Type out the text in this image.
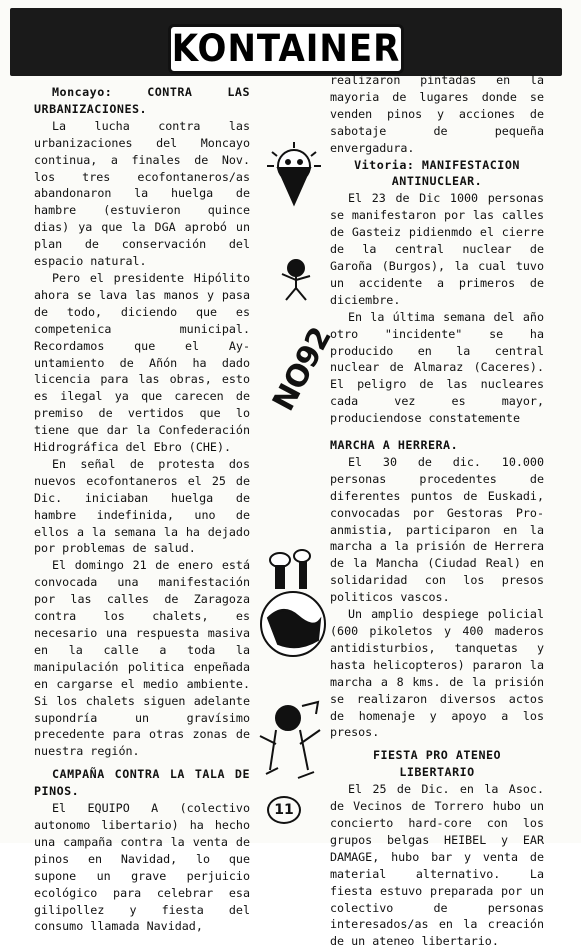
KONTAINER

Moncayo: CONTRA LAS URBANIZACIONES.

La lucha contra las urbanizaciones del Moncayo continua, a finales de Nov. los tres ecofontaneros/as abandonaron la huelga de hambre (estuvieron quince dias) ya que la DGA aprobó un plan de conservación del espacio natural.

Pero el presidente Hipólito ahora se lava las manos y pasa de todo, diciendo que es competenica municipal. Recordamos que el Ay-untamiento de Añón ha dado licencia para las obras, esto es ilegal ya que carecen de premiso de vertidos que lo tiene que dar la Confederación Hidrográfica del Ebro (CHE).

En señal de protesta dos nuevos ecofontaneros el 25 de Dic. iniciaban huelga de hambre indefinida, uno de ellos a la semana la ha dejado por problemas de salud.

El domingo 21 de enero está convocada una manifestación por las calles de Zaragoza contra los chalets, es necesario una respuesta masiva en la calle a toda la manipulación politica enpeñada en cargarse el medio ambiente. Si los chalets siguen adelante supondría un gravísimo precedente para otras zonas de nuestra región.

CAMPAÑA CONTRA LA TALA DE PINOS.

El EQUIPO A (colectivo autonomo libertario) ha hecho una campaña contra la venta de pinos en Navidad, lo que supone un grave perjuicio ecológico para celebrar esa gilipollez y fiesta del consumo llamada Navidad,

realizaron pintadas en la mayoria de lugares donde se venden pinos y acciones de sabotaje de pequeña envergadura.

Vitoria: MANIFESTACION

ANTINUCLEAR.

El 23 de Dic 1000 personas se manifestaron por las calles de Gasteiz pidienmdo el cierre de la central nuclear de Garoña (Burgos), la cual tuvo un accidente a primeros de diciembre.

En la última semana del año otro "incidente" se ha producido en la central nuclear de Almaraz (Caceres). El peligro de las nucleares cada vez es mayor, produciendose constatemente

MARCHA A HERRERA.

El 30 de dic. 10.000 personas procedentes de diferentes puntos de Euskadi, convocadas por Gestoras Pro-anmistia, participaron en la marcha a la prisión de Herrera de la Mancha (Ciudad Real) en solidaridad con los presos politicos vascos.

Un amplio despiege policial (600 pikoletos y 400 maderos antidisturbios, tanquetas y hasta helicopteros) pararon la marcha a 8 kms. de la prisión se realizaron diversos actos de homenaje y apoyo a los presos.

FIESTA PRO ATENEO

LIBERTARIO

El 25 de Dic. en la Asoc. de Vecinos de Torrero hubo un concierto hard-core con los grupos belgas HEIBEL y EAR DAMAGE, hubo bar y venta de material alternativo. La fiesta estuvo preparada por un colectivo de personas interesados/as en la creación de un ateneo libertario.

NO92
11
